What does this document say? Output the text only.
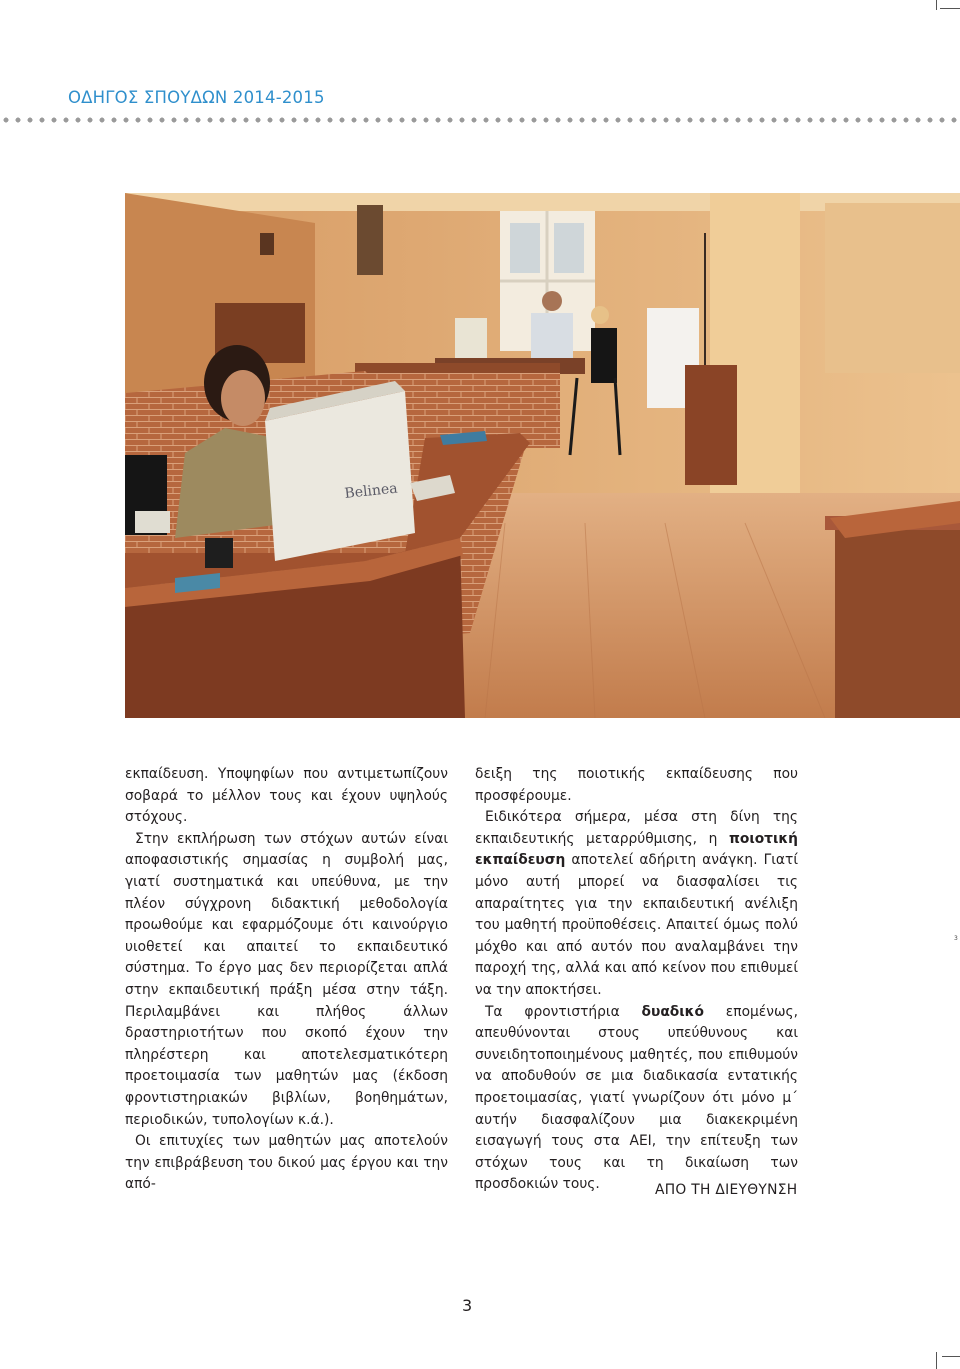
ΟΔΗΓΟΣ ΣΠΟΥΔΩΝ 2014-2015
Belinea

εκπαίδευση. Υποψηφίων που αντιμετωπίζουν σοβαρά το μέλλον τους και έχουν υψηλούς στόχους.

Στην εκπλήρωση των στόχων αυτών είναι αποφασιστικής σημασίας η συμβολή μας, γιατί συστηματικά και υπεύθυνα, με την πλέον σύγχρονη διδακτική μεθοδολογία προωθούμε και εφαρμόζουμε ότι καινούργιο υιοθετεί και απαιτεί το εκπαιδευτικό σύστημα. Το έργο μας δεν περιορίζεται απλά στην εκπαιδευτική πράξη μέσα στην τάξη. Περιλαμβάνει και πλήθος άλλων δραστηριοτήτων που σκοπό έχουν την πληρέστερη και αποτελεσματικότερη προετοιμασία των μαθητών μας (έκδοση φροντιστηριακών βιβλίων, βοηθημάτων, περιοδικών, τυπολογίων κ.ά.).

Οι επιτυχίες των μαθητών μας αποτελούν την επιβράβευση του δικού μας έργου και την από-

δειξη της ποιοτικής εκπαίδευσης που προσφέρουμε.

Ειδικότερα σήμερα, μέσα στη δίνη της εκπαιδευτικής μεταρρύθμισης, η ποιοτική εκπαίδευση αποτελεί αδήριτη ανάγκη. Γιατί μόνο αυτή μπορεί να διασφαλίσει τις απαραίτητες για την εκπαιδευτική ανέλιξη του μαθητή προϋποθέσεις. Απαιτεί όμως πολύ μόχθο και από αυτόν που αναλαμβάνει την παροχή της, αλλά και από κείνον που επιθυμεί να την αποκτήσει.

Τα φροντιστήρια δυαδικό επομένως, απευθύνονται στους υπεύθυνους και συνειδητοποιημένους μαθητές, που επιθυμούν να αποδυθούν σε μια διαδικασία εντατικής προετοιμασίας, γιατί γνωρίζουν ότι μόνο μ΄ αυτήν διασφαλίζουν μια διακεκριμένη εισαγωγή τους στα ΑΕΙ, την επίτευξη των στόχων τους και τη δικαίωση των προσδοκιών τους.	ΑΠΟ ΤΗ ΔΙΕΥΘΥΝΣΗ
3
3
